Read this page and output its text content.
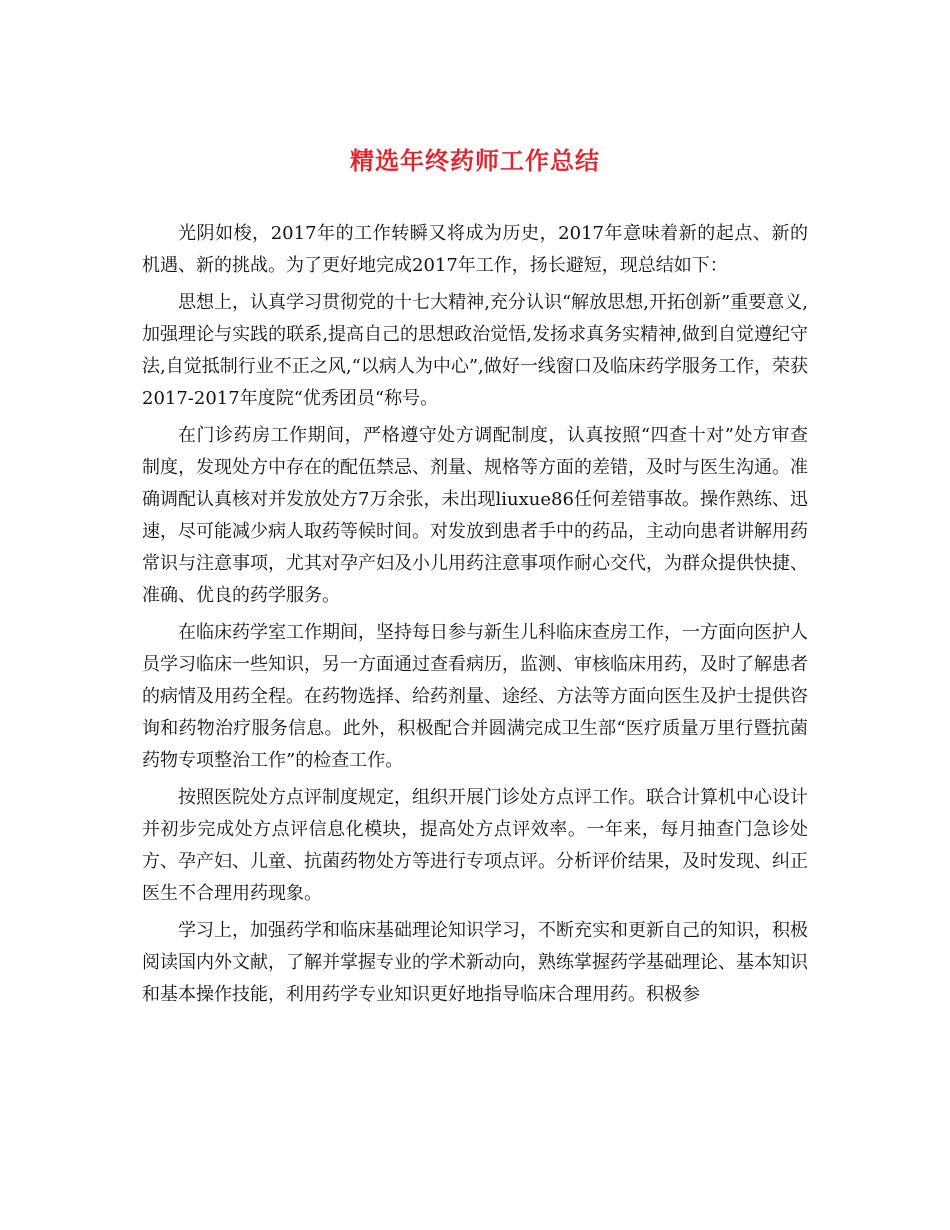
精选年终药师工作总结

光阴如梭，2017年的工作转瞬又将成为历史，2017年意味着新的起点、新的机遇、新的挑战。为了更好地完成2017年工作，扬长避短，现总结如下：

思想上，认真学习贯彻党的十七大精神,充分认识“解放思想,开拓创新”重要意义,加强理论与实践的联系,提高自己的思想政治觉悟,发扬求真务实精神,做到自觉遵纪守法,自觉抵制行业不正之风,“以病人为中心”,做好一线窗口及临床药学服务工作，荣获2017-2017年度院“优秀团员“称号。

在门诊药房工作期间，严格遵守处方调配制度，认真按照“四查十对”处方审查制度，发现处方中存在的配伍禁忌、剂量、规格等方面的差错，及时与医生沟通。准确调配认真核对并发放处方7万余张，未出现liuxue86任何差错事故。操作熟练、迅速，尽可能减少病人取药等候时间。对发放到患者手中的药品，主动向患者讲解用药常识与注意事项，尤其对孕产妇及小儿用药注意事项作耐心交代，为群众提供快捷、准确、优良的药学服务。

在临床药学室工作期间，坚持每日参与新生儿科临床查房工作，一方面向医护人员学习临床一些知识，另一方面通过查看病历，监测、审核临床用药，及时了解患者的病情及用药全程。在药物选择、给药剂量、途经、方法等方面向医生及护士提供咨询和药物治疗服务信息。此外，积极配合并圆满完成卫生部“医疗质量万里行暨抗菌药物专项整治工作”的检查工作。

按照医院处方点评制度规定，组织开展门诊处方点评工作。联合计算机中心设计并初步完成处方点评信息化模块，提高处方点评效率。一年来，每月抽查门急诊处方、孕产妇、儿童、抗菌药物处方等进行专项点评。分析评价结果，及时发现、纠正医生不合理用药现象。

学习上，加强药学和临床基础理论知识学习，不断充实和更新自己的知识，积极阅读国内外文献，了解并掌握专业的学术新动向，熟练掌握药学基础理论、基本知识和基本操作技能，利用药学专业知识更好地指导临床合理用药。积极参
